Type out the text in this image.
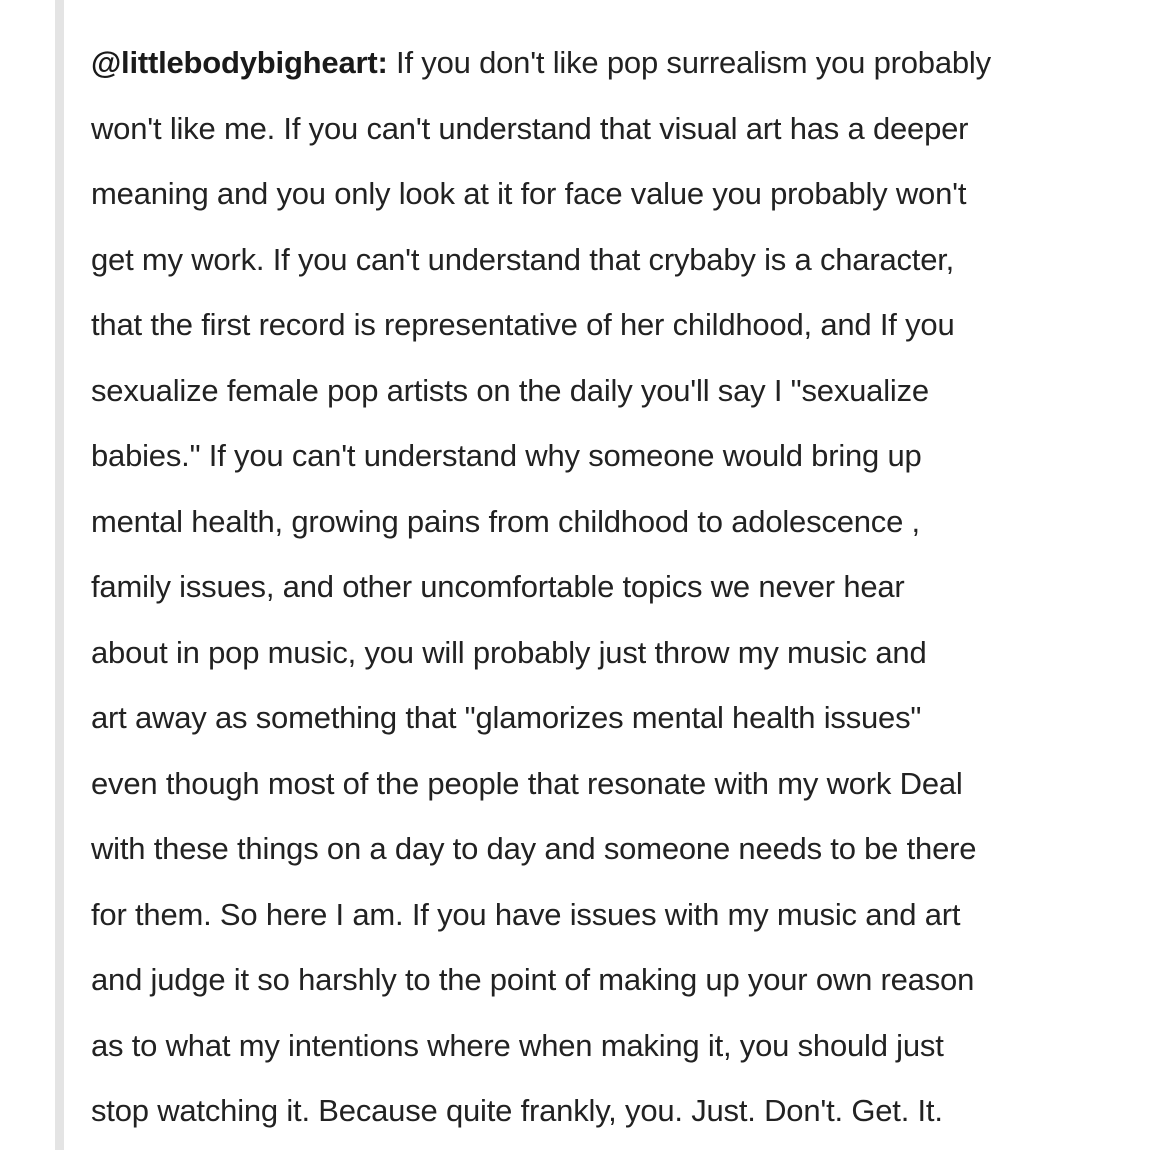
@littlebodybigheart: If you don't like pop surrealism you probably
won't like me. If you can't understand that visual art has a deeper
meaning and you only look at it for face value you probably won't
get my work. If you can't understand that crybaby is a character,
that the first record is representative of her childhood, and If you
sexualize female pop artists on the daily you'll say I "sexualize
babies." If you can't understand why someone would bring up
mental health, growing pains from childhood to adolescence ,
family issues, and other uncomfortable topics we never hear
about in pop music, you will probably just throw my music and
art away as something that "glamorizes mental health issues"
even though most of the people that resonate with my work Deal
with these things on a day to day and someone needs to be there
for them. So here I am. If you have issues with my music and art
and judge it so harshly to the point of making up your own reason
as to what my intentions where when making it, you should just
stop watching it. Because quite frankly, you. Just. Don't. Get. It.
